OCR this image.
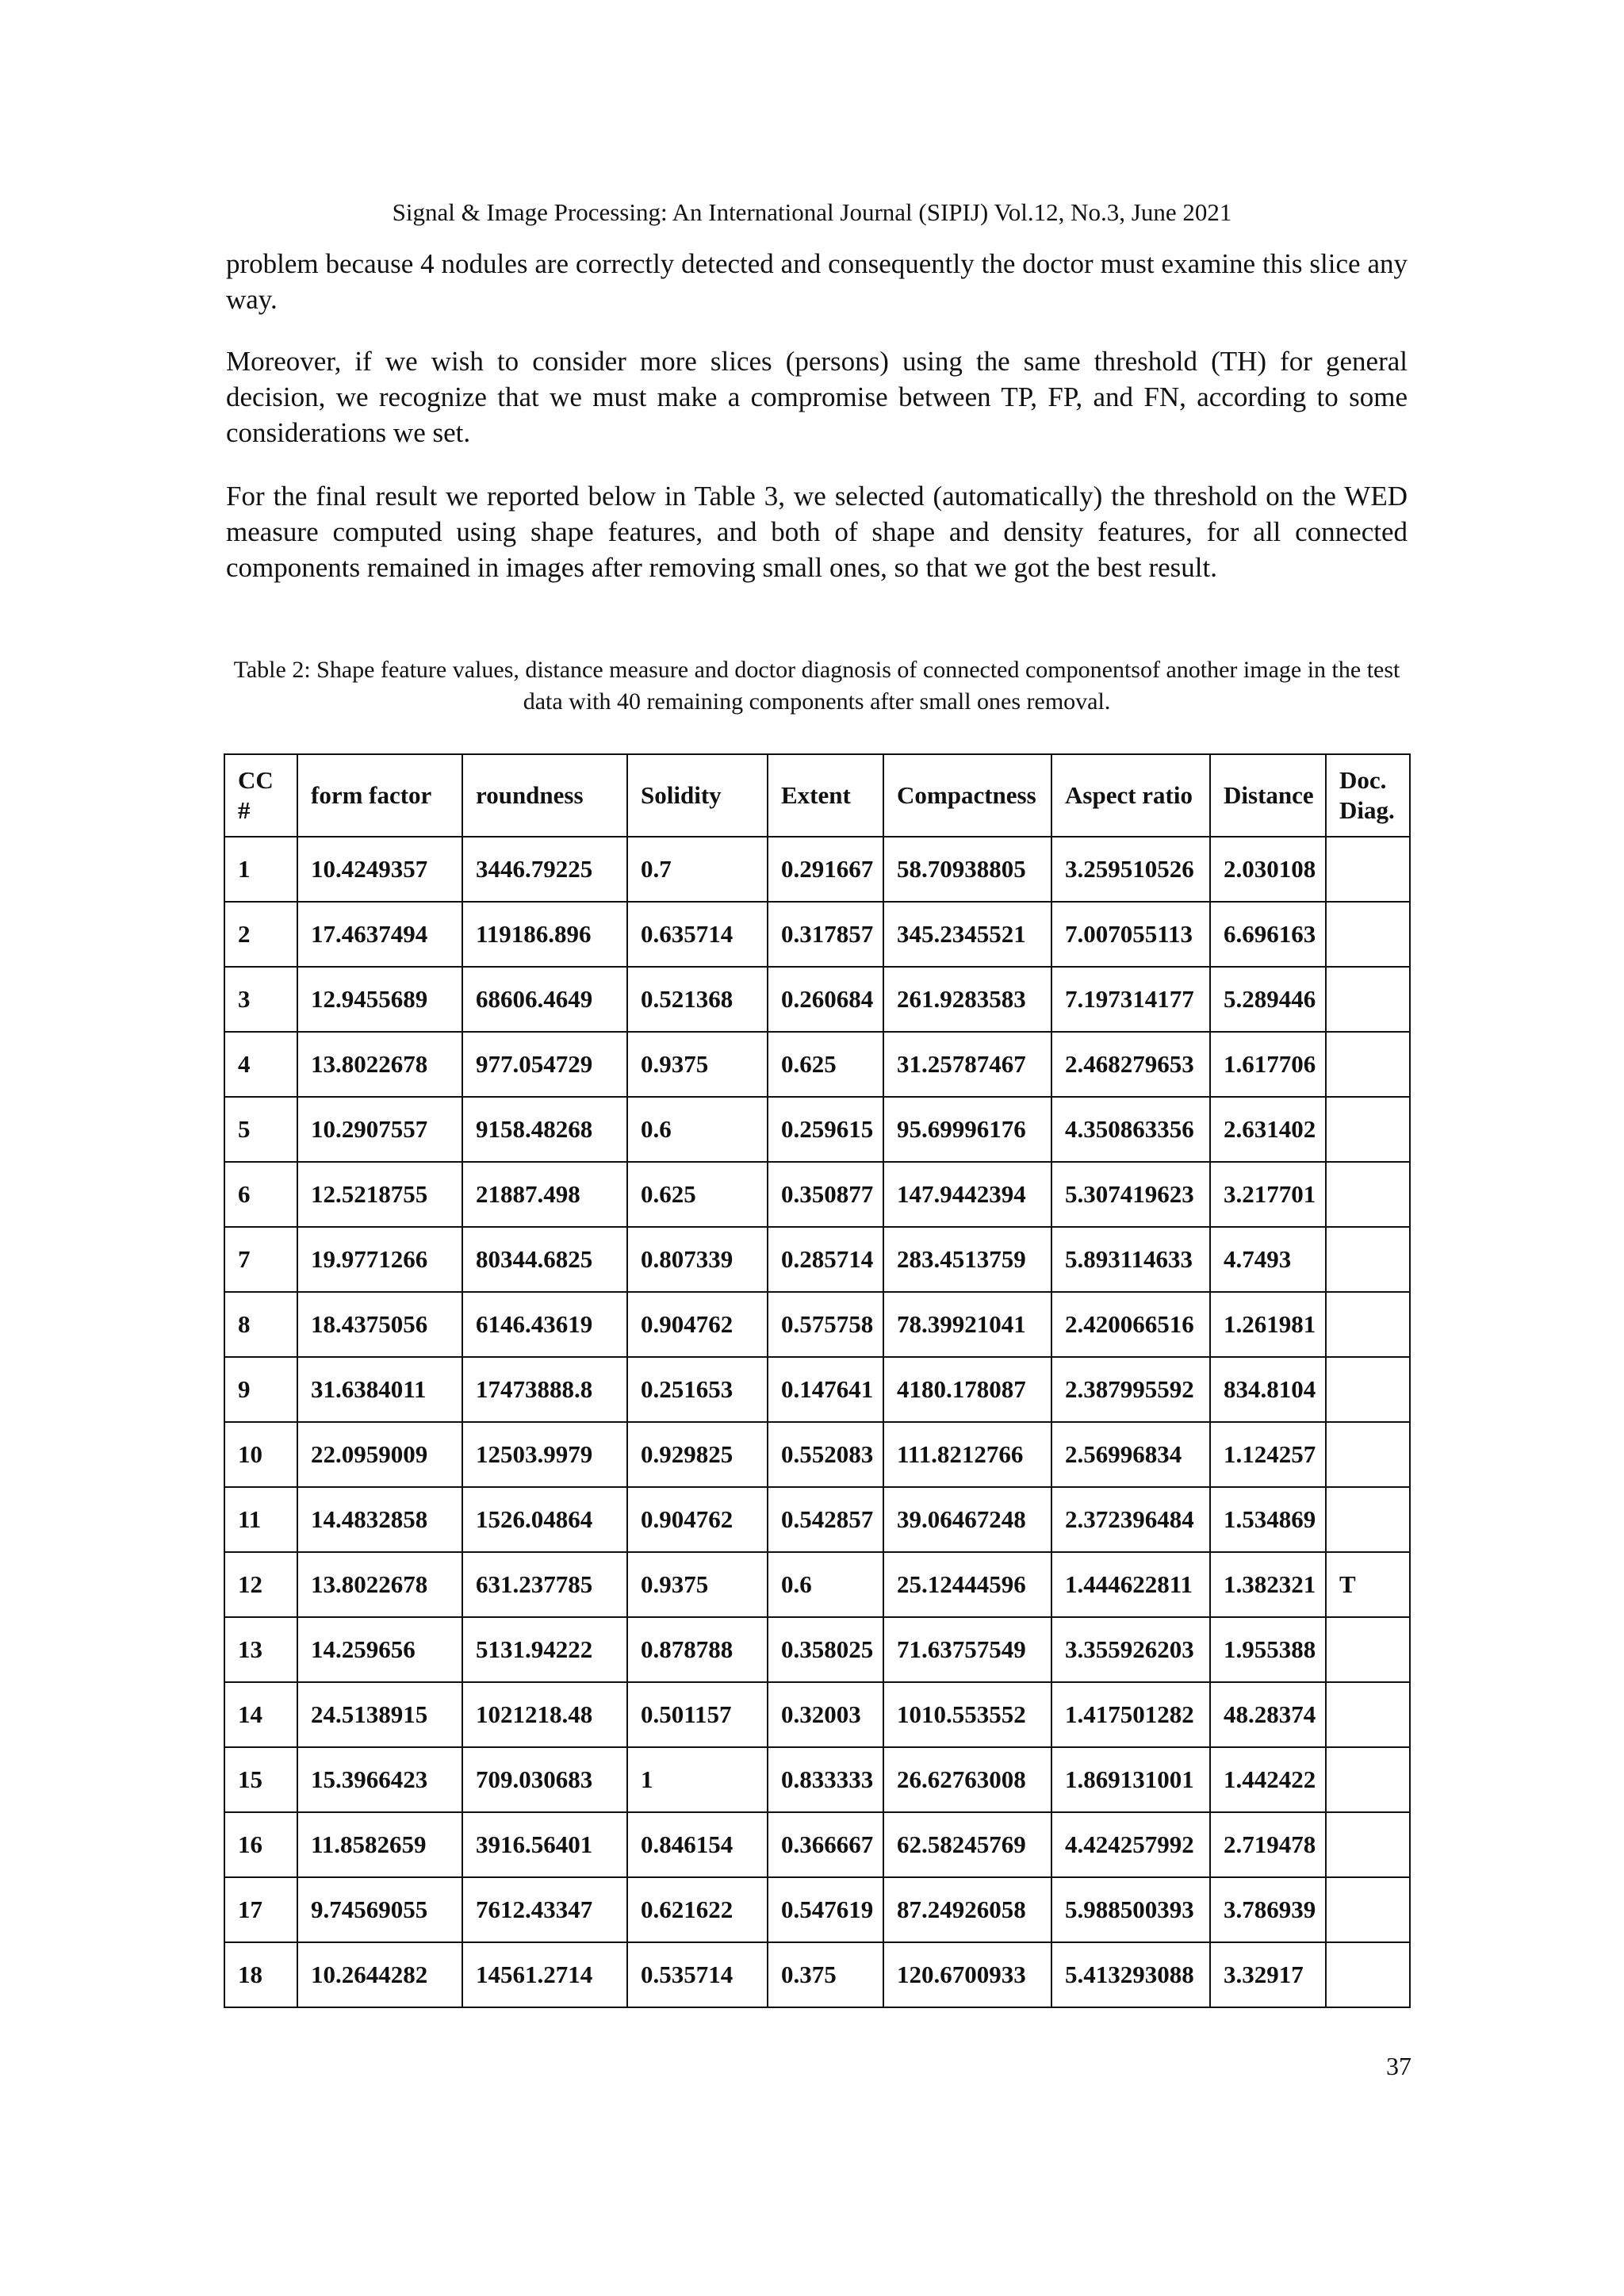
Signal & Image Processing: An International Journal (SIPIJ) Vol.12, No.3, June 2021

problem because 4 nodules are correctly detected and consequently the doctor must examine this slice any way.

Moreover, if we wish to consider more slices (persons) using the same threshold (TH) for general decision, we recognize that we must make a compromise between TP, FP, and FN, according to some considerations we set.

For the final result we reported below in Table 3, we selected (automatically) the threshold on the WED measure computed using shape features, and both of shape and density features, for all connected components remained in images after removing small ones, so that we got the best result.

Table 2: Shape feature values, distance measure and doctor diagnosis of connected componentsof another image in the test data with 40 remaining components after small ones removal.

CC #	form factor	roundness	Solidity	Extent	Compactness	Aspect ratio	Distance	Doc. Diag.
1	10.4249357	3446.79225	0.7	0.291667	58.70938805	3.259510526	2.030108	
2	17.4637494	119186.896	0.635714	0.317857	345.2345521	7.007055113	6.696163	
3	12.9455689	68606.4649	0.521368	0.260684	261.9283583	7.197314177	5.289446	
4	13.8022678	977.054729	0.9375	0.625	31.25787467	2.468279653	1.617706	
5	10.2907557	9158.48268	0.6	0.259615	95.69996176	4.350863356	2.631402	
6	12.5218755	21887.498	0.625	0.350877	147.9442394	5.307419623	3.217701	
7	19.9771266	80344.6825	0.807339	0.285714	283.4513759	5.893114633	4.7493	
8	18.4375056	6146.43619	0.904762	0.575758	78.39921041	2.420066516	1.261981	
9	31.6384011	17473888.8	0.251653	0.147641	4180.178087	2.387995592	834.8104	
10	22.0959009	12503.9979	0.929825	0.552083	111.8212766	2.56996834	1.124257	
11	14.4832858	1526.04864	0.904762	0.542857	39.06467248	2.372396484	1.534869	
12	13.8022678	631.237785	0.9375	0.6	25.12444596	1.444622811	1.382321	T
13	14.259656	5131.94222	0.878788	0.358025	71.63757549	3.355926203	1.955388	
14	24.5138915	1021218.48	0.501157	0.32003	1010.553552	1.417501282	48.28374	
15	15.3966423	709.030683	1	0.833333	26.62763008	1.869131001	1.442422	
16	11.8582659	3916.56401	0.846154	0.366667	62.58245769	4.424257992	2.719478	
17	9.74569055	7612.43347	0.621622	0.547619	87.24926058	5.988500393	3.786939	
18	10.2644282	14561.2714	0.535714	0.375	120.6700933	5.413293088	3.32917	

37
